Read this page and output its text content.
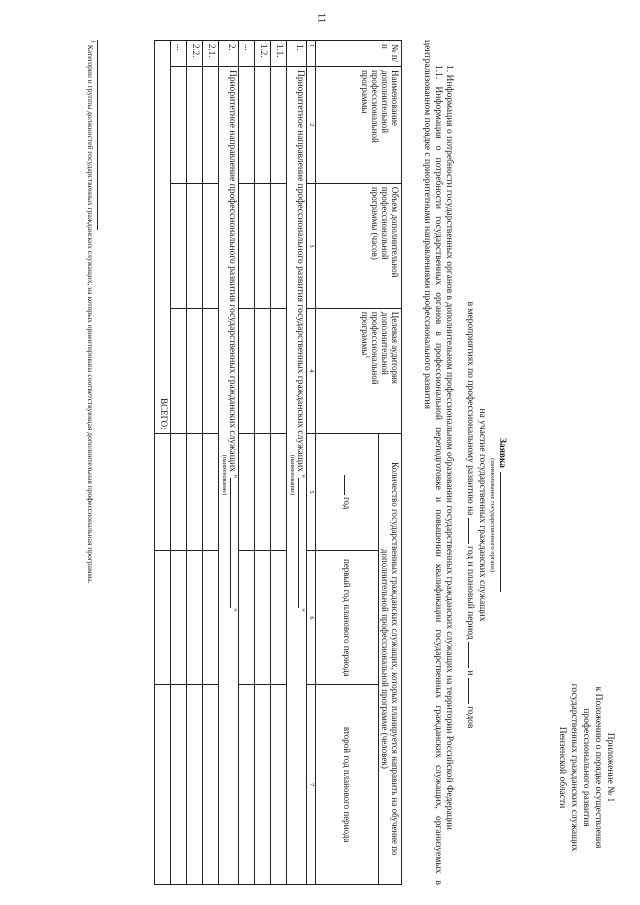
11
Приложение № 1
к Положению о порядке осуществления
профессионального развития
государственных гражданских служащих
Пензенской области
Заявка
(наименование государственного органа)
на участие государственных гражданских служащих
в мероприятиях по профессиональному развитию на  год и плановый период  и  годов

1. Информация о потребности государственных органов в дополнительном профессиональном образовании государственных гражданских служащих на территории Российской Федерации

1.1. Информация о потребности государственных органов в профессиональной переподготовке и повышении квалификации государственных гражданских служащих, организуемых в централизованном порядке с приоритетными направлениями профессионального развития

№ п/п	Наименование дополнительной профессиональной программы	Объем дополнительной профессиональной программы (часов)	Целевая аудитория дополнительной профессиональной программы$^1$	Количество государственных гражданских служащих, которых планируется направить на обучение по дополнительной профессиональной программе (человек)		
				год	первый год планового периода	второй год планового периода
1	2	3	4	5	6	7
1.	Приоритетное направление профессионального развития государственных гражданских служащих ""
(наименование)					

1.1.						
1.2.						
...						
2.	Приоритетное направление профессионального развития государственных гражданских служащих ""
(наименование)					

2.1.						
2.2.						
...						
ВСЕГО:						
$^1$ Категории и группы должностей государственных гражданских служащих, на которых ориентирована соответствующая дополнительная профессиональная программа.
